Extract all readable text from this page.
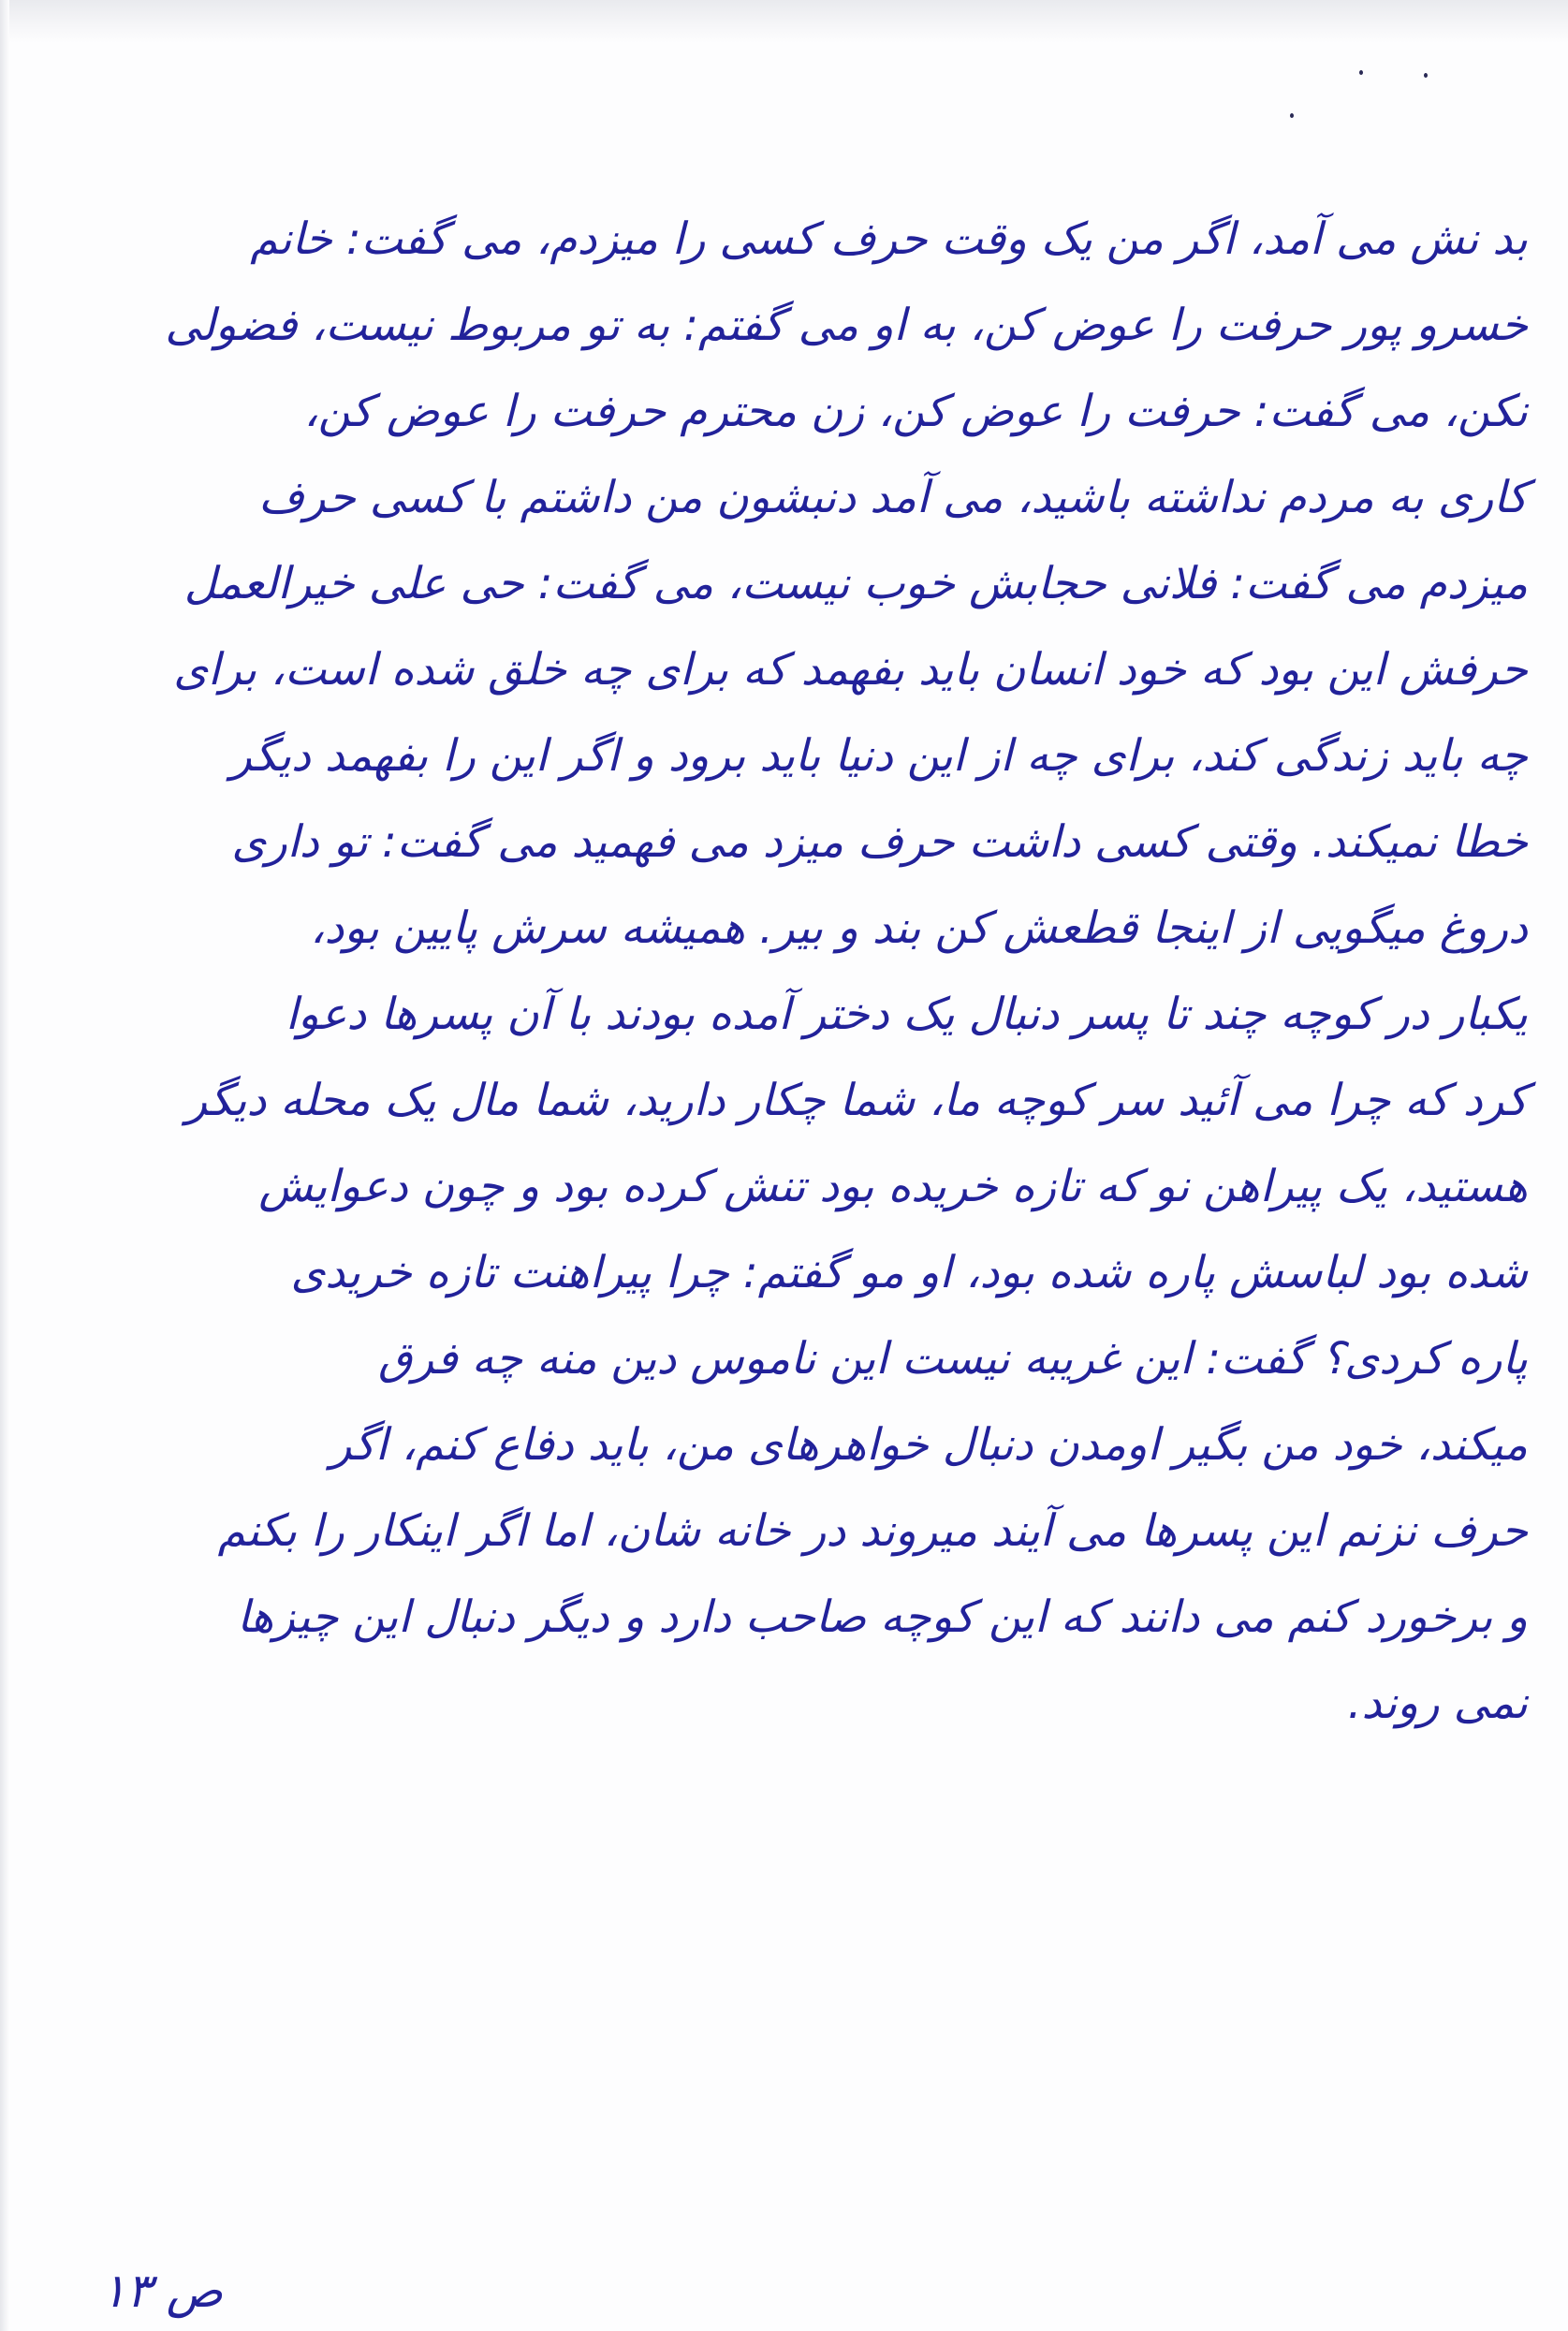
بد نش می آمد، اگر من یک وقت حرف کسی را میزدم، می گفت: خانم
خسرو پور حرفت را عوض کن، به او می گفتم: به تو مربوط نیست، فضولی
نکن، می گفت: حرفت را عوض کن، زن محترم حرفت را عوض کن،
کاری به مردم نداشته باشید، می آمد دنبشون من داشتم با کسی حرف
میزدم می گفت: فلانی حجابش خوب نیست، می گفت: حی علی خیرالعمل
حرفش این بود که خود انسان باید بفهمد که برای چه خلق شده است، برای
چه باید زندگی کند، برای چه از این دنیا باید برود و اگر این را بفهمد دیگر
خطا نمیکند. وقتی کسی داشت حرف میزد می فهمید می گفت: تو داری
دروغ میگویی از اینجا قطعش کن بند و بیر. همیشه سرش پایین بود،
یکبار در کوچه چند تا پسر دنبال یک دختر آمده بودند با آن پسرها دعوا
کرد که چرا می آئید سر کوچه ما، شما چکار دارید، شما مال یک محله دیگر
هستید، یک پیراهن نو که تازه خریده بود تنش کرده بود و چون دعوایش
شده بود لباسش پاره شده بود، او مو گفتم: چرا پیراهنت تازه خریدی
پاره کردی؟ گفت: این غریبه نیست این ناموس دین منه چه فرق
میکند، خود من بگیر اومدن دنبال خواهرهای من، باید دفاع کنم، اگر
حرف نزنم این پسرها می آیند میروند در خانه شان، اما اگر اینکار را بکنم
و برخورد کنم می دانند که این کوچه صاحب دارد و دیگر دنبال این چیزها
نمی روند.
ص ۱۳
